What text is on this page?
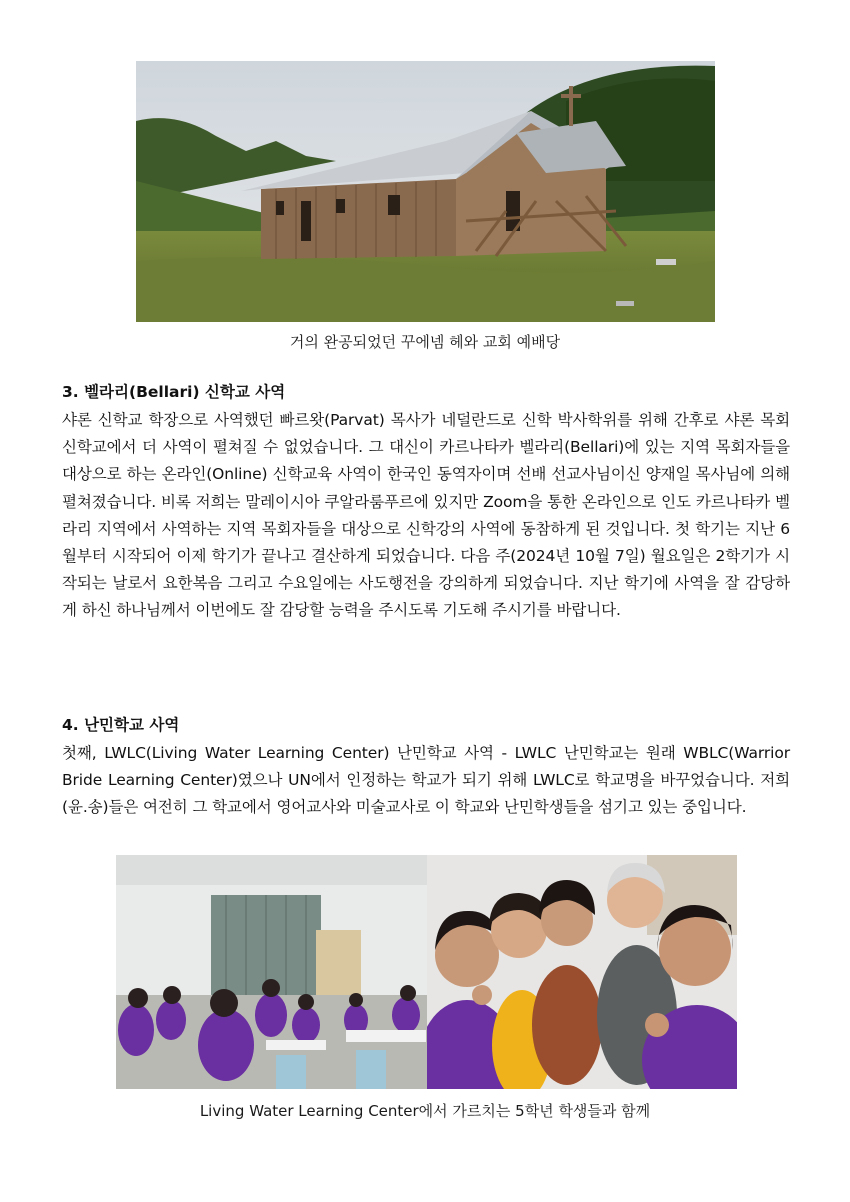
거의 완공되었던 꾸에넴 헤와 교회 예배당
3. 벨라리(Bellari) 신학교 사역

샤론 신학교 학장으로 사역했던 빠르왓(Parvat) 목사가 네덜란드로 신학 박사학위를 위해 간후로 샤론 목회신학교에서 더 사역이 펼쳐질 수 없었습니다. 그 대신이 카르나타카 벨라리(Bellari)에 있는 지역 목회자들을 대상으로 하는 온라인(Online) 신학교육 사역이 한국인 동역자이며 선배 선교사님이신 양재일 목사님에 의해 펼쳐졌습니다. 비록 저희는 말레이시아 쿠알라룸푸르에 있지만 Zoom을 통한 온라인으로 인도 카르나타카 벨라리 지역에서 사역하는 지역 목회자들을 대상으로 신학강의 사역에 동참하게 된 것입니다. 첫 학기는 지난 6월부터 시작되어 이제 학기가 끝나고 결산하게 되었습니다. 다음 주(2024년 10월 7일) 월요일은 2학기가 시작되는 날로서 요한복음 그리고 수요일에는 사도행전을 강의하게 되었습니다. 지난 학기에 사역을 잘 감당하게 하신 하나님께서 이번에도 잘 감당할 능력을 주시도록 기도해 주시기를 바랍니다.

4. 난민학교 사역

첫째, LWLC(Living Water Learning Center) 난민학교 사역 - LWLC 난민학교는 원래 WBLC(Warrior Bride Learning Center)였으나 UN에서 인정하는 학교가 되기 위해 LWLC로 학교명을 바꾸었습니다. 저희(윤.송)들은 여전히 그 학교에서 영어교사와 미술교사로 이 학교와 난민학생들을 섬기고 있는 중입니다.

Living Water Learning Center에서 가르치는 5학년 학생들과 함께
